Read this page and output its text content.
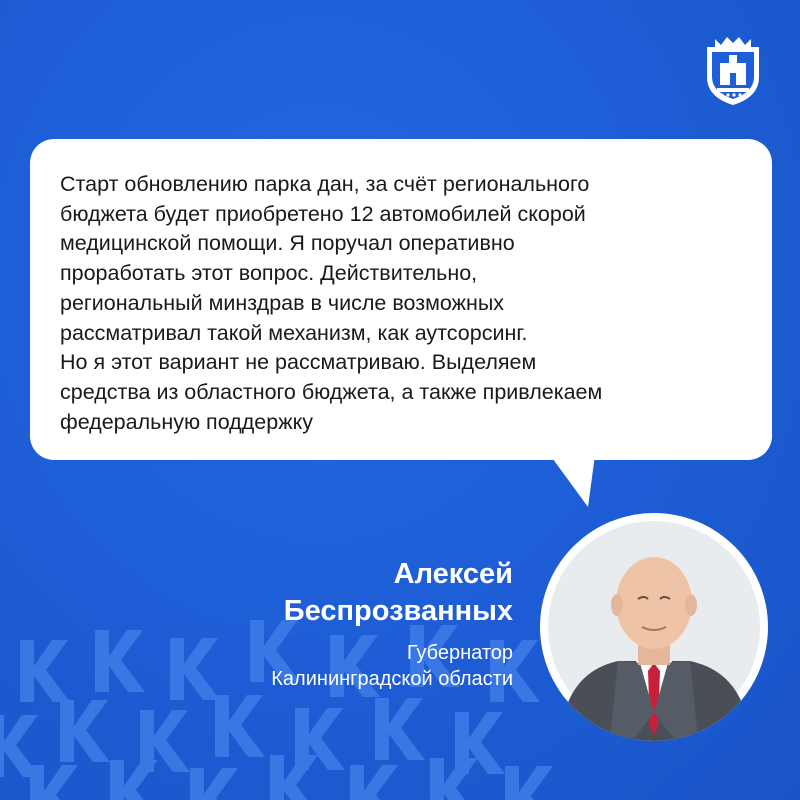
Старт обновлению парка дан, за счёт регионального
бюджета будет приобретено 12 автомобилей скорой
медицинской помощи. Я поручал оперативно
проработать этот вопрос. Действительно,
региональный минздрав в числе возможных
рассматривал такой механизм, как аутсорсинг.
Но я этот вариант не рассматриваю. Выделяем
средства из областного бюджета, а также привлекаем
федеральную поддержку
Алексей
Беспрозванных
Губернатор
Калининградской области
